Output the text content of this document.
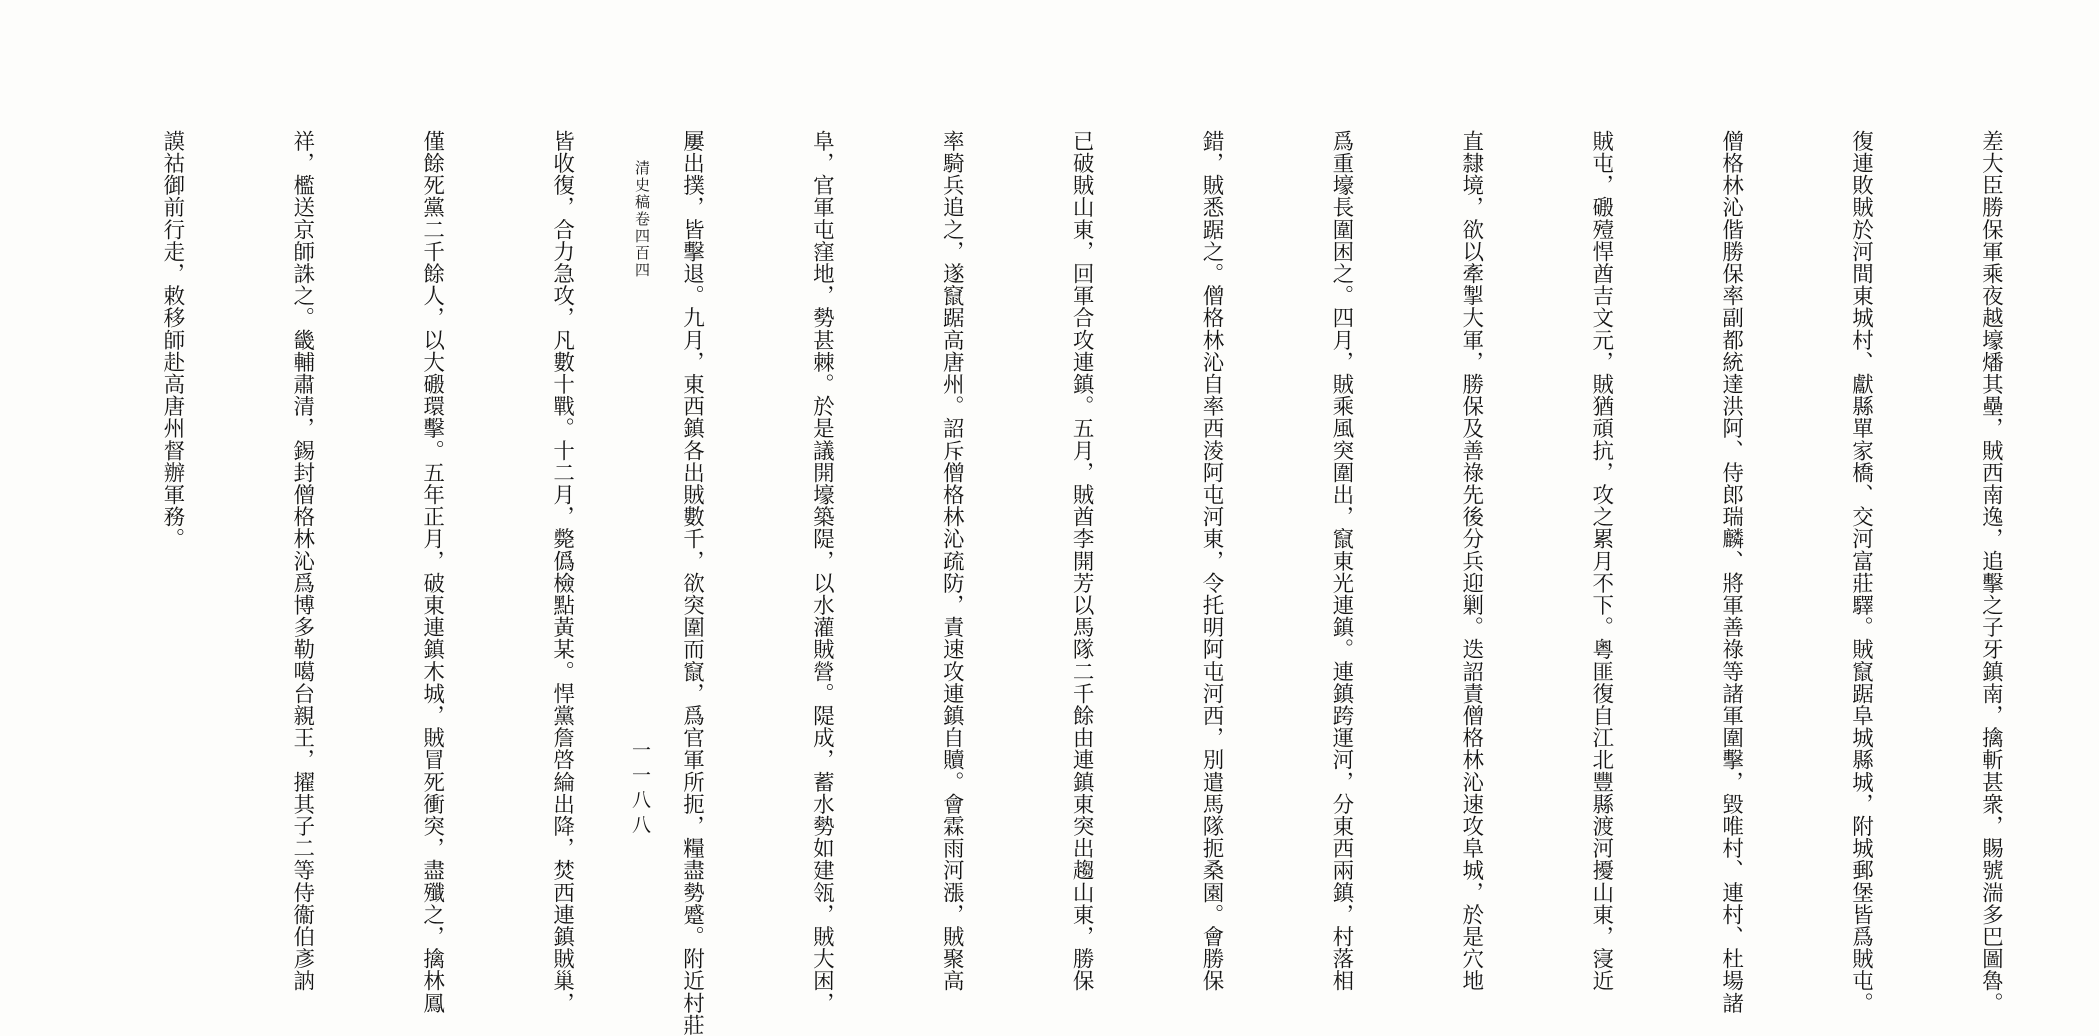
清史稿卷四百四
一一八八

	差大臣勝保軍乘夜越壕燔其壘，賊西南逸，追擊之子牙鎮南，擒斬甚衆，賜號湍多巴圖魯。

復連敗賊於河間東城村、獻縣單家橋、交河富莊驛。賊竄踞阜城縣城，附城郵堡皆爲賊屯。

僧格林沁偕勝保率副都統達洪阿、侍郎瑞麟、將軍善祿等諸軍圍擊，毀唯村、連村、杜場諸

賊屯，磤殪悍酋吉文元，賊猶頑抗，攻之累月不下。粵匪復自江北豐縣渡河擾山東，寖近

直隸境，欲以牽掣大軍，勝保及善祿先後分兵迎剿。迭詔責僧格林沁速攻阜城，於是穴地

爲重壕長圍困之。四月，賊乘風突圍出，竄東光連鎮。連鎮跨運河，分東西兩鎮，村落相

錯，賊悉踞之。僧格林沁自率西淩阿屯河東，令托明阿屯河西，別遣馬隊扼桑園。會勝保

已破賊山東，回軍合攻連鎮。五月，賊酋李開芳以馬隊二千餘由連鎮東突出趨山東，勝保

率騎兵追之，遂竄踞高唐州。詔斥僧格林沁疏防，責速攻連鎮自贖。會霖雨河漲，賊聚高

阜，官軍屯窪地，勢甚棘。於是議開壕築隄，以水灌賊營。隄成，蓄水勢如建瓴，賊大困，

屢出撲，皆擊退。九月，東西鎮各出賊數千，欲突圍而竄，爲官軍所扼，糧盡勢蹙。附近村莊

皆收復，合力急攻，凡數十戰。十二月，斃僞檢點黃某。悍黨詹啓綸出降，焚西連鎮賊巢，

僅餘死黨二千餘人，以大磤環擊。五年正月，破東連鎮木城，賊冒死衝突，盡殲之，擒林鳳

祥，檻送京師誅之。畿輔肅清，錫封僧格林沁爲博多勒噶台親王，擢其子二等侍衞伯彥訥

謨祜御前行走，敕移師赴高唐州督辦軍務。
